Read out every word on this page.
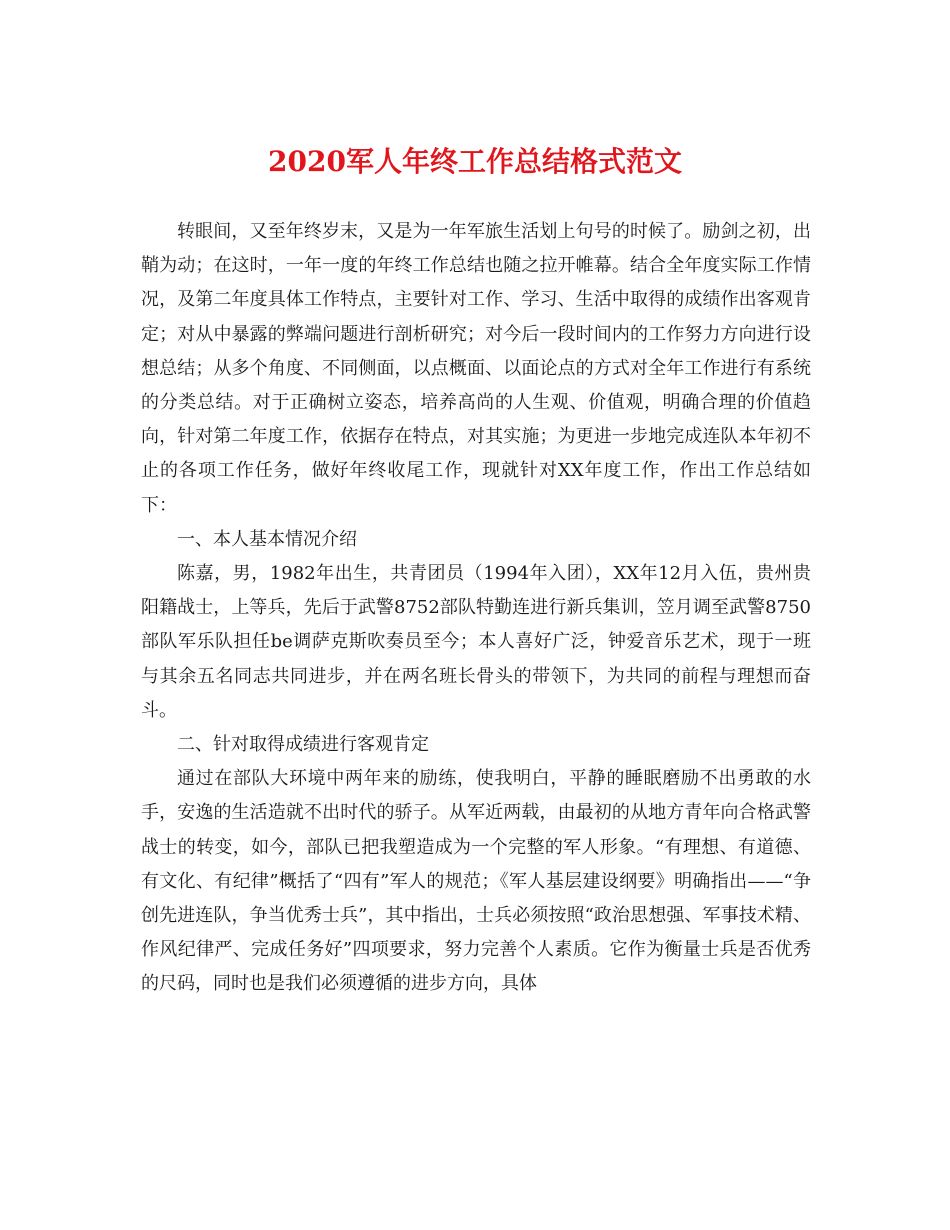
2020军人年终工作总结格式范文

转眼间，又至年终岁末，又是为一年军旅生活划上句号的时候了。励剑之初，出鞘为动；在这时，一年一度的年终工作总结也随之拉开帷幕。结合全年度实际工作情况，及第二年度具体工作特点，主要针对工作、学习、生活中取得的成绩作出客观肯定；对从中暴露的弊端问题进行剖析研究；对今后一段时间内的工作努力方向进行设想总结；从多个角度、不同侧面，以点概面、以面论点的方式对全年工作进行有系统的分类总结。对于正确树立姿态，培养高尚的人生观、价值观，明确合理的价值趋向，针对第二年度工作，依据存在特点，对其实施；为更进一步地完成连队本年初不止的各项工作任务，做好年终收尾工作，现就针对XX年度工作，作出工作总结如下：

一、本人基本情况介绍

陈嘉，男，1982年出生，共青团员（1994年入团），XX年12月入伍，贵州贵阳籍战士，上等兵，先后于武警8752部队特勤连进行新兵集训，笠月调至武警8750部队军乐队担任be调萨克斯吹奏员至今；本人喜好广泛，钟爱音乐艺术，现于一班与其余五名同志共同进步，并在两名班长骨头的带领下，为共同的前程与理想而奋斗。

二、针对取得成绩进行客观肯定

通过在部队大环境中两年来的励练，使我明白，平静的睡眠磨励不出勇敢的水手，安逸的生活造就不出时代的骄子。从军近两载，由最初的从地方青年向合格武警战士的转变，如今，部队已把我塑造成为一个完整的军人形象。“有理想、有道德、有文化、有纪律”概括了“四有”军人的规范；《军人基层建设纲要》明确指出——“争创先进连队，争当优秀士兵”，其中指出，士兵必须按照“政治思想强、军事技术精、作风纪律严、完成任务好”四项要求，努力完善个人素质。它作为衡量士兵是否优秀的尺码，同时也是我们必须遵循的进步方向，具体
